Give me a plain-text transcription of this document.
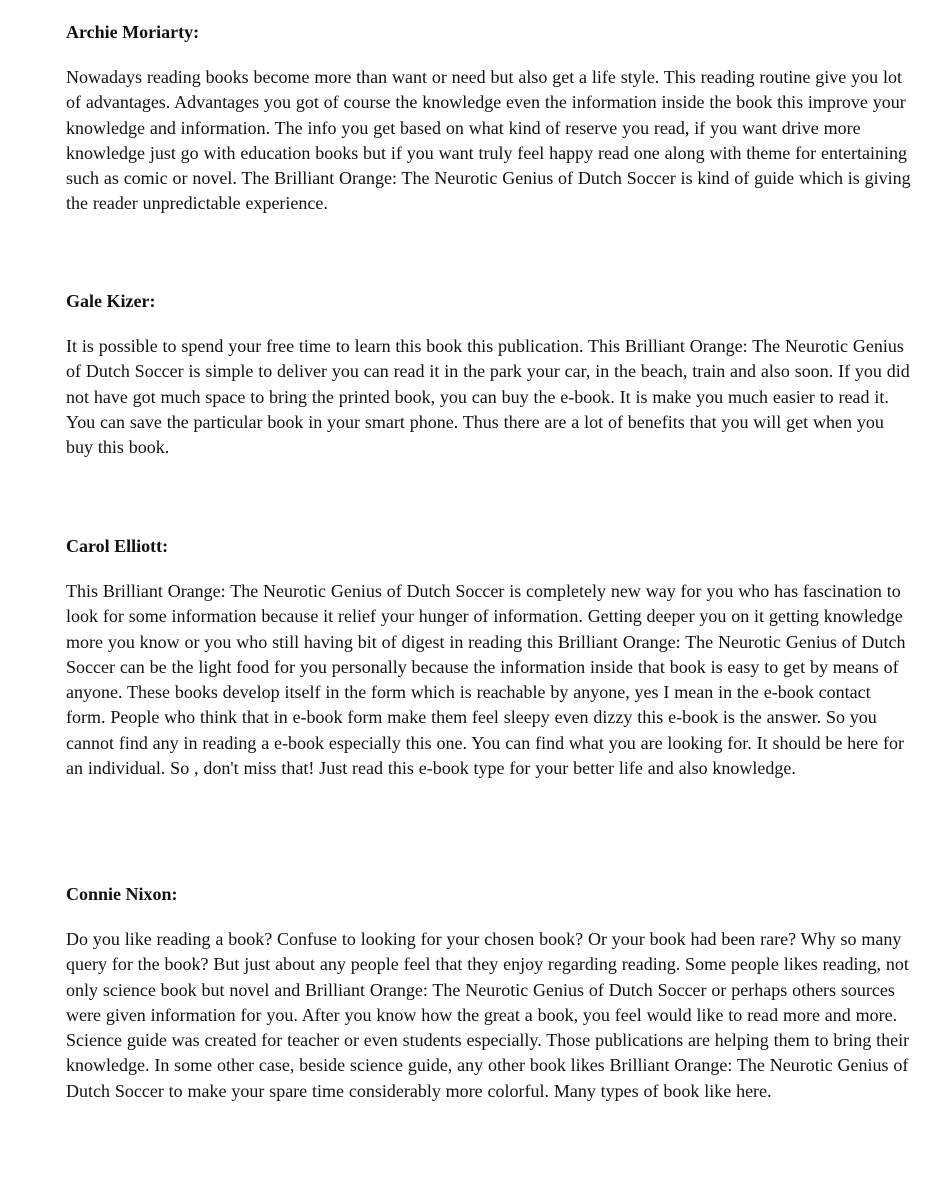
Archie Moriarty:

Nowadays reading books become more than want or need but also get a life style. This reading routine give you lot of advantages. Advantages you got of course the knowledge even the information inside the book this improve your knowledge and information. The info you get based on what kind of reserve you read, if you want drive more knowledge just go with education books but if you want truly feel happy read one along with theme for entertaining such as comic or novel. The Brilliant Orange: The Neurotic Genius of Dutch Soccer is kind of guide which is giving the reader unpredictable experience.

Gale Kizer:

It is possible to spend your free time to learn this book this publication. This Brilliant Orange: The Neurotic Genius of Dutch Soccer is simple to deliver you can read it in the park your car, in the beach, train and also soon. If you did not have got much space to bring the printed book, you can buy the e-book. It is make you much easier to read it. You can save the particular book in your smart phone. Thus there are a lot of benefits that you will get when you buy this book.

Carol Elliott:

This Brilliant Orange: The Neurotic Genius of Dutch Soccer is completely new way for you who has fascination to look for some information because it relief your hunger of information. Getting deeper you on it getting knowledge more you know or you who still having bit of digest in reading this Brilliant Orange: The Neurotic Genius of Dutch Soccer can be the light food for you personally because the information inside that book is easy to get by means of anyone. These books develop itself in the form which is reachable by anyone, yes I mean in the e-book contact form. People who think that in e-book form make them feel sleepy even dizzy this e-book is the answer. So you cannot find any in reading a e-book especially this one. You can find what you are looking for. It should be here for an individual. So , don't miss that! Just read this e-book type for your better life and also knowledge.

Connie Nixon:

Do you like reading a book? Confuse to looking for your chosen book? Or your book had been rare? Why so many query for the book? But just about any people feel that they enjoy regarding reading. Some people likes reading, not only science book but novel and Brilliant Orange: The Neurotic Genius of Dutch Soccer or perhaps others sources were given information for you. After you know how the great a book, you feel would like to read more and more. Science guide was created for teacher or even students especially. Those publications are helping them to bring their knowledge. In some other case, beside science guide, any other book likes Brilliant Orange: The Neurotic Genius of Dutch Soccer to make your spare time considerably more colorful. Many types of book like here.
